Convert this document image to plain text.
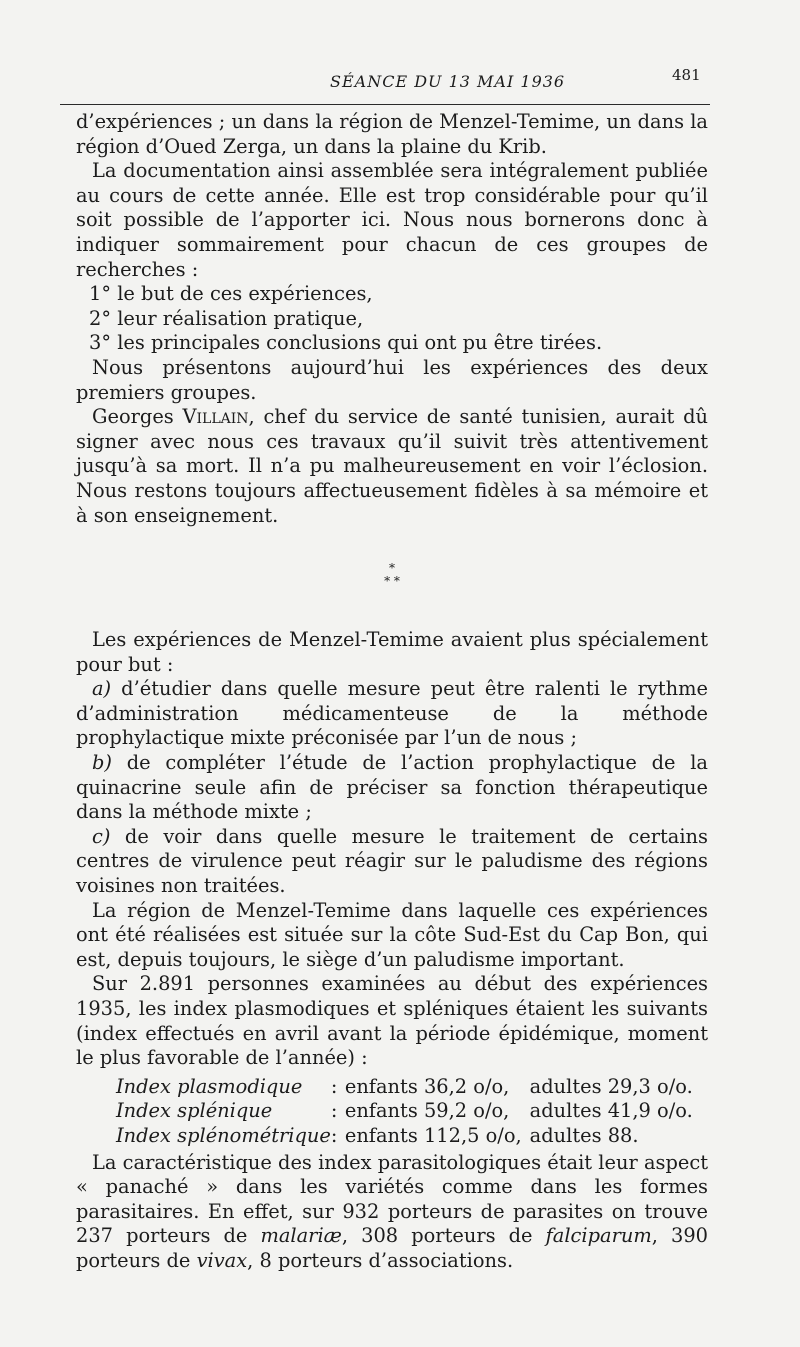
SÉANCE DU 13 MAI 1936	481

d’expériences ; un dans la région de Menzel-Temime, un dans la région d’Oued Zerga, un dans la plaine du Krib.

La documentation ainsi assemblée sera intégralement publiée au cours de cette année. Elle est trop considérable pour qu’il soit possible de l’apporter ici. Nous nous bornerons donc à indiquer sommairement pour chacun de ces groupes de recherches :

1° le but de ces expériences,

2° leur réalisation pratique,

3° les principales conclusions qui ont pu être tirées.

Nous présentons aujourd’hui les expériences des deux premiers groupes.

Georges Villain, chef du service de santé tunisien, aurait dû signer avec nous ces travaux qu’il suivit très attentivement jusqu’à sa mort. Il n’a pu malheureusement en voir l’éclosion. Nous restons toujours affectueusement fidèles à sa mémoire et à son enseignement.

*
* *

Les expériences de Menzel-Temime avaient plus spécialement pour but :

a) d’étudier dans quelle mesure peut être ralenti le rythme d’administration médicamenteuse de la méthode prophylactique mixte préconisée par l’un de nous ;

b) de compléter l’étude de l’action prophylactique de la quinacrine seule afin de préciser sa fonction thérapeutique dans la méthode mixte ;

c) de voir dans quelle mesure le traitement de certains centres de virulence peut réagir sur le paludisme des régions voisines non traitées.

La région de Menzel-Temime dans laquelle ces expériences ont été réalisées est située sur la côte Sud-Est du Cap Bon, qui est, depuis toujours, le siège d’un paludisme important.

Sur 2.891 personnes examinées au début des expériences 1935, les index plasmodiques et spléniques étaient les suivants (index effectués en avril avant la période épidémique, moment le plus favorable de l’année) :

Index plasmodique	:	enfants 36,2 o/o,	adultes 29,3 o/o.
Index splénique	:	enfants 59,2 o/o,	adultes 41,9 o/o.
Index splénométrique	:	enfants 112,5 o/o,	adultes 88.

La caractéristique des index parasitologiques était leur aspect « panaché » dans les variétés comme dans les formes parasitaires. En effet, sur 932 porteurs de parasites on trouve 237 porteurs de malariæ, 308 porteurs de falciparum, 390 porteurs de vivax, 8 porteurs d’associations.
